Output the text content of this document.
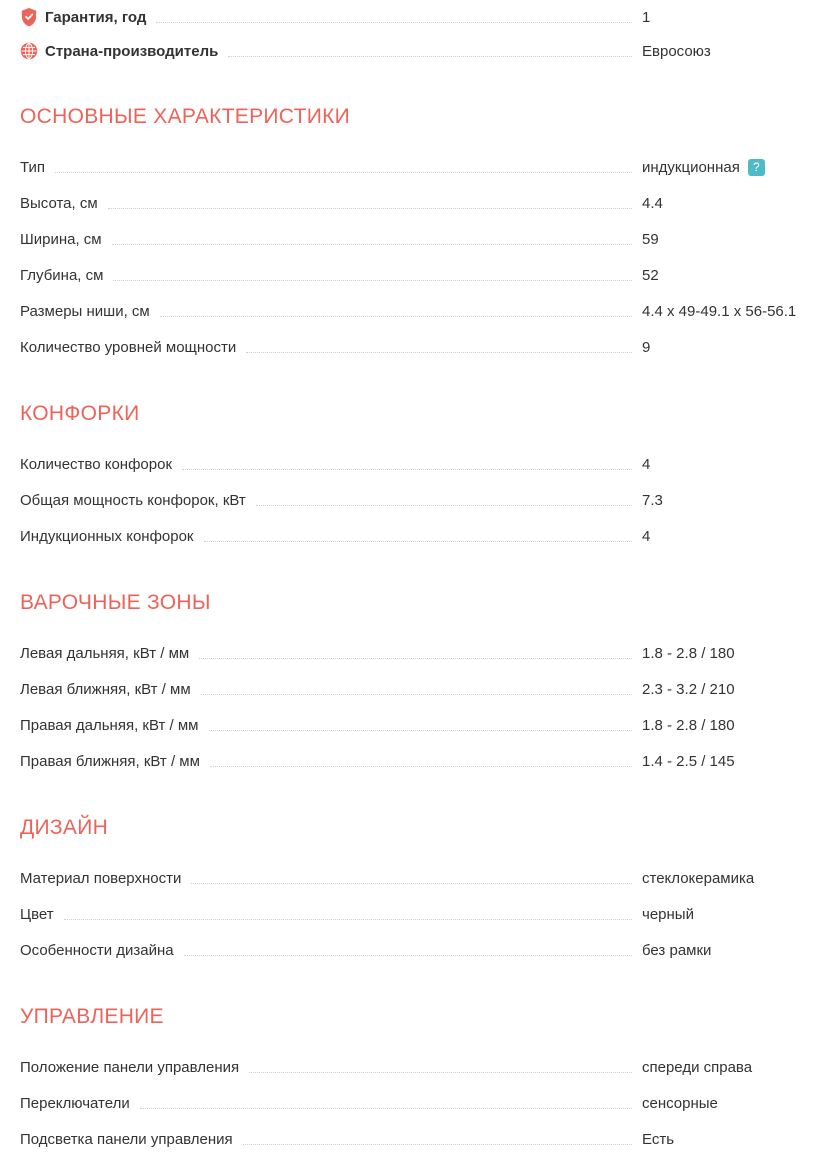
Гарантия, год	1
Страна-производитель	Евросоюз
ОСНОВНЫЕ ХАРАКТЕРИСТИКИ
Тип	индукционная	?
Высота, см	4.4
Ширина, см	59
Глубина, см	52
Размеры ниши, см	4.4 x 49-49.1 x 56-56.1
Количество уровней мощности	9
КОНФОРКИ
Количество конфорок	4
Общая мощность конфорок, кВт	7.3
Индукционных конфорок	4
ВАРОЧНЫЕ ЗОНЫ
Левая дальняя, кВт / мм	1.8 - 2.8 / 180
Левая ближняя, кВт / мм	2.3 - 3.2 / 210
Правая дальняя, кВт / мм	1.8 - 2.8 / 180
Правая ближняя, кВт / мм	1.4 - 2.5 / 145
ДИЗАЙН
Материал поверхности	стеклокерамика
Цвет	черный
Особенности дизайна	без рамки
УПРАВЛЕНИЕ
Положение панели управления	спереди справа
Переключатели	сенсорные
Подсветка панели управления	Есть
